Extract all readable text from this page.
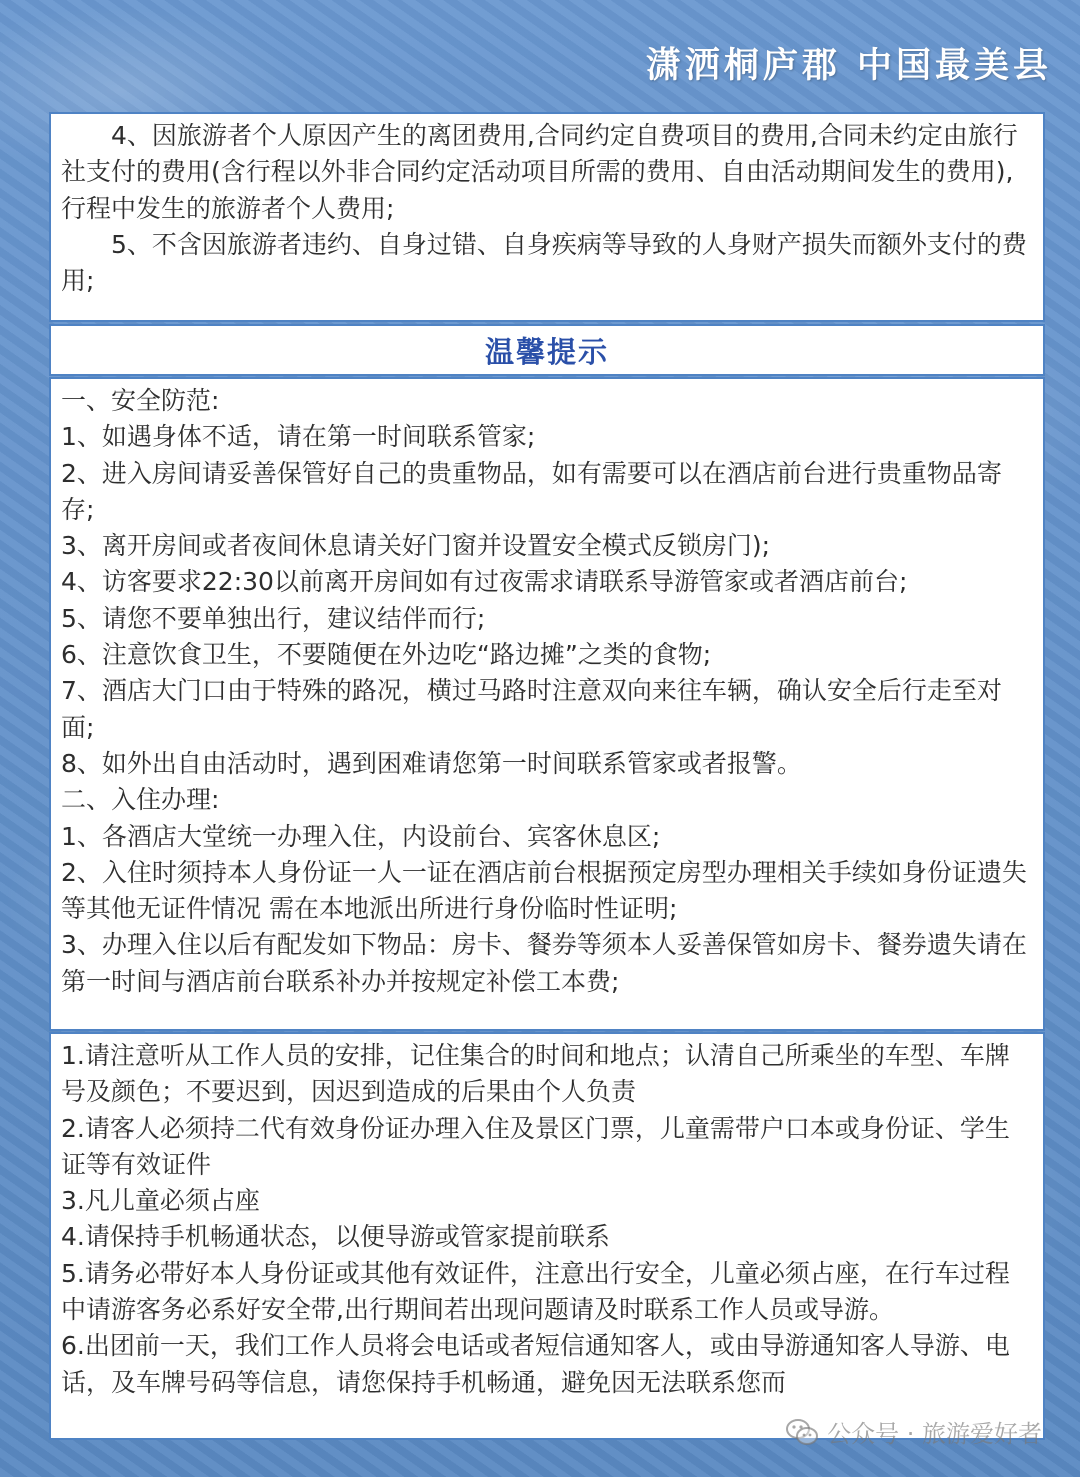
潇洒桐庐郡 中国最美县

4、因旅游者个人原因产生的离团费用,合同约定自费项目的费用,合同未约定由旅行社支付的费用(含行程以外非合同约定活动项目所需的费用、自由活动期间发生的费用),行程中发生的旅游者个人费用;

5、不含因旅游者违约、自身过错、自身疾病等导致的人身财产损失而额外支付的费用;

温馨提示

一、安全防范:

1、如遇身体不适，请在第一时间联系管家;

2、进入房间请妥善保管好自己的贵重物品，如有需要可以在酒店前台进行贵重物品寄存;

3、离开房间或者夜间休息请关好门窗并设置安全模式反锁房门);

4、访客要求22:30以前离开房间如有过夜需求请联系导游管家或者酒店前台;

5、请您不要单独出行，建议结伴而行;

6、注意饮食卫生，不要随便在外边吃“路边摊”之类的食物;

7、酒店大门口由于特殊的路况，横过马路时注意双向来往车辆，确认安全后行走至对面;

8、如外出自由活动时，遇到困难请您第一时间联系管家或者报警。

二、入住办理:

1、各酒店大堂统一办理入住，内设前台、宾客休息区;

2、入住时须持本人身份证一人一证在酒店前台根据预定房型办理相关手续如身份证遗失等其他无证件情况 需在本地派出所进行身份临时性证明;

3、办理入住以后有配发如下物品：房卡、餐券等须本人妥善保管如房卡、餐券遗失请在第一时间与酒店前台联系补办并按规定补偿工本费;

1.请注意听从工作人员的安排，记住集合的时间和地点；认清自己所乘坐的车型、车牌号及颜色；不要迟到，因迟到造成的后果由个人负责

2.请客人必须持二代有效身份证办理入住及景区门票，儿童需带户口本或身份证、学生证等有效证件

3.凡儿童必须占座

4.请保持手机畅通状态，以便导游或管家提前联系

5.请务必带好本人身份证或其他有效证件，注意出行安全，儿童必须占座，在行车过程中请游客务必系好安全带,出行期间若出现问题请及时联系工作人员或导游。

6.出团前一天，我们工作人员将会电话或者短信通知客人，或由导游通知客人导游、电话，及车牌号码等信息，请您保持手机畅通，避免因无法联系您而

公众号 · 旅游爱好者
